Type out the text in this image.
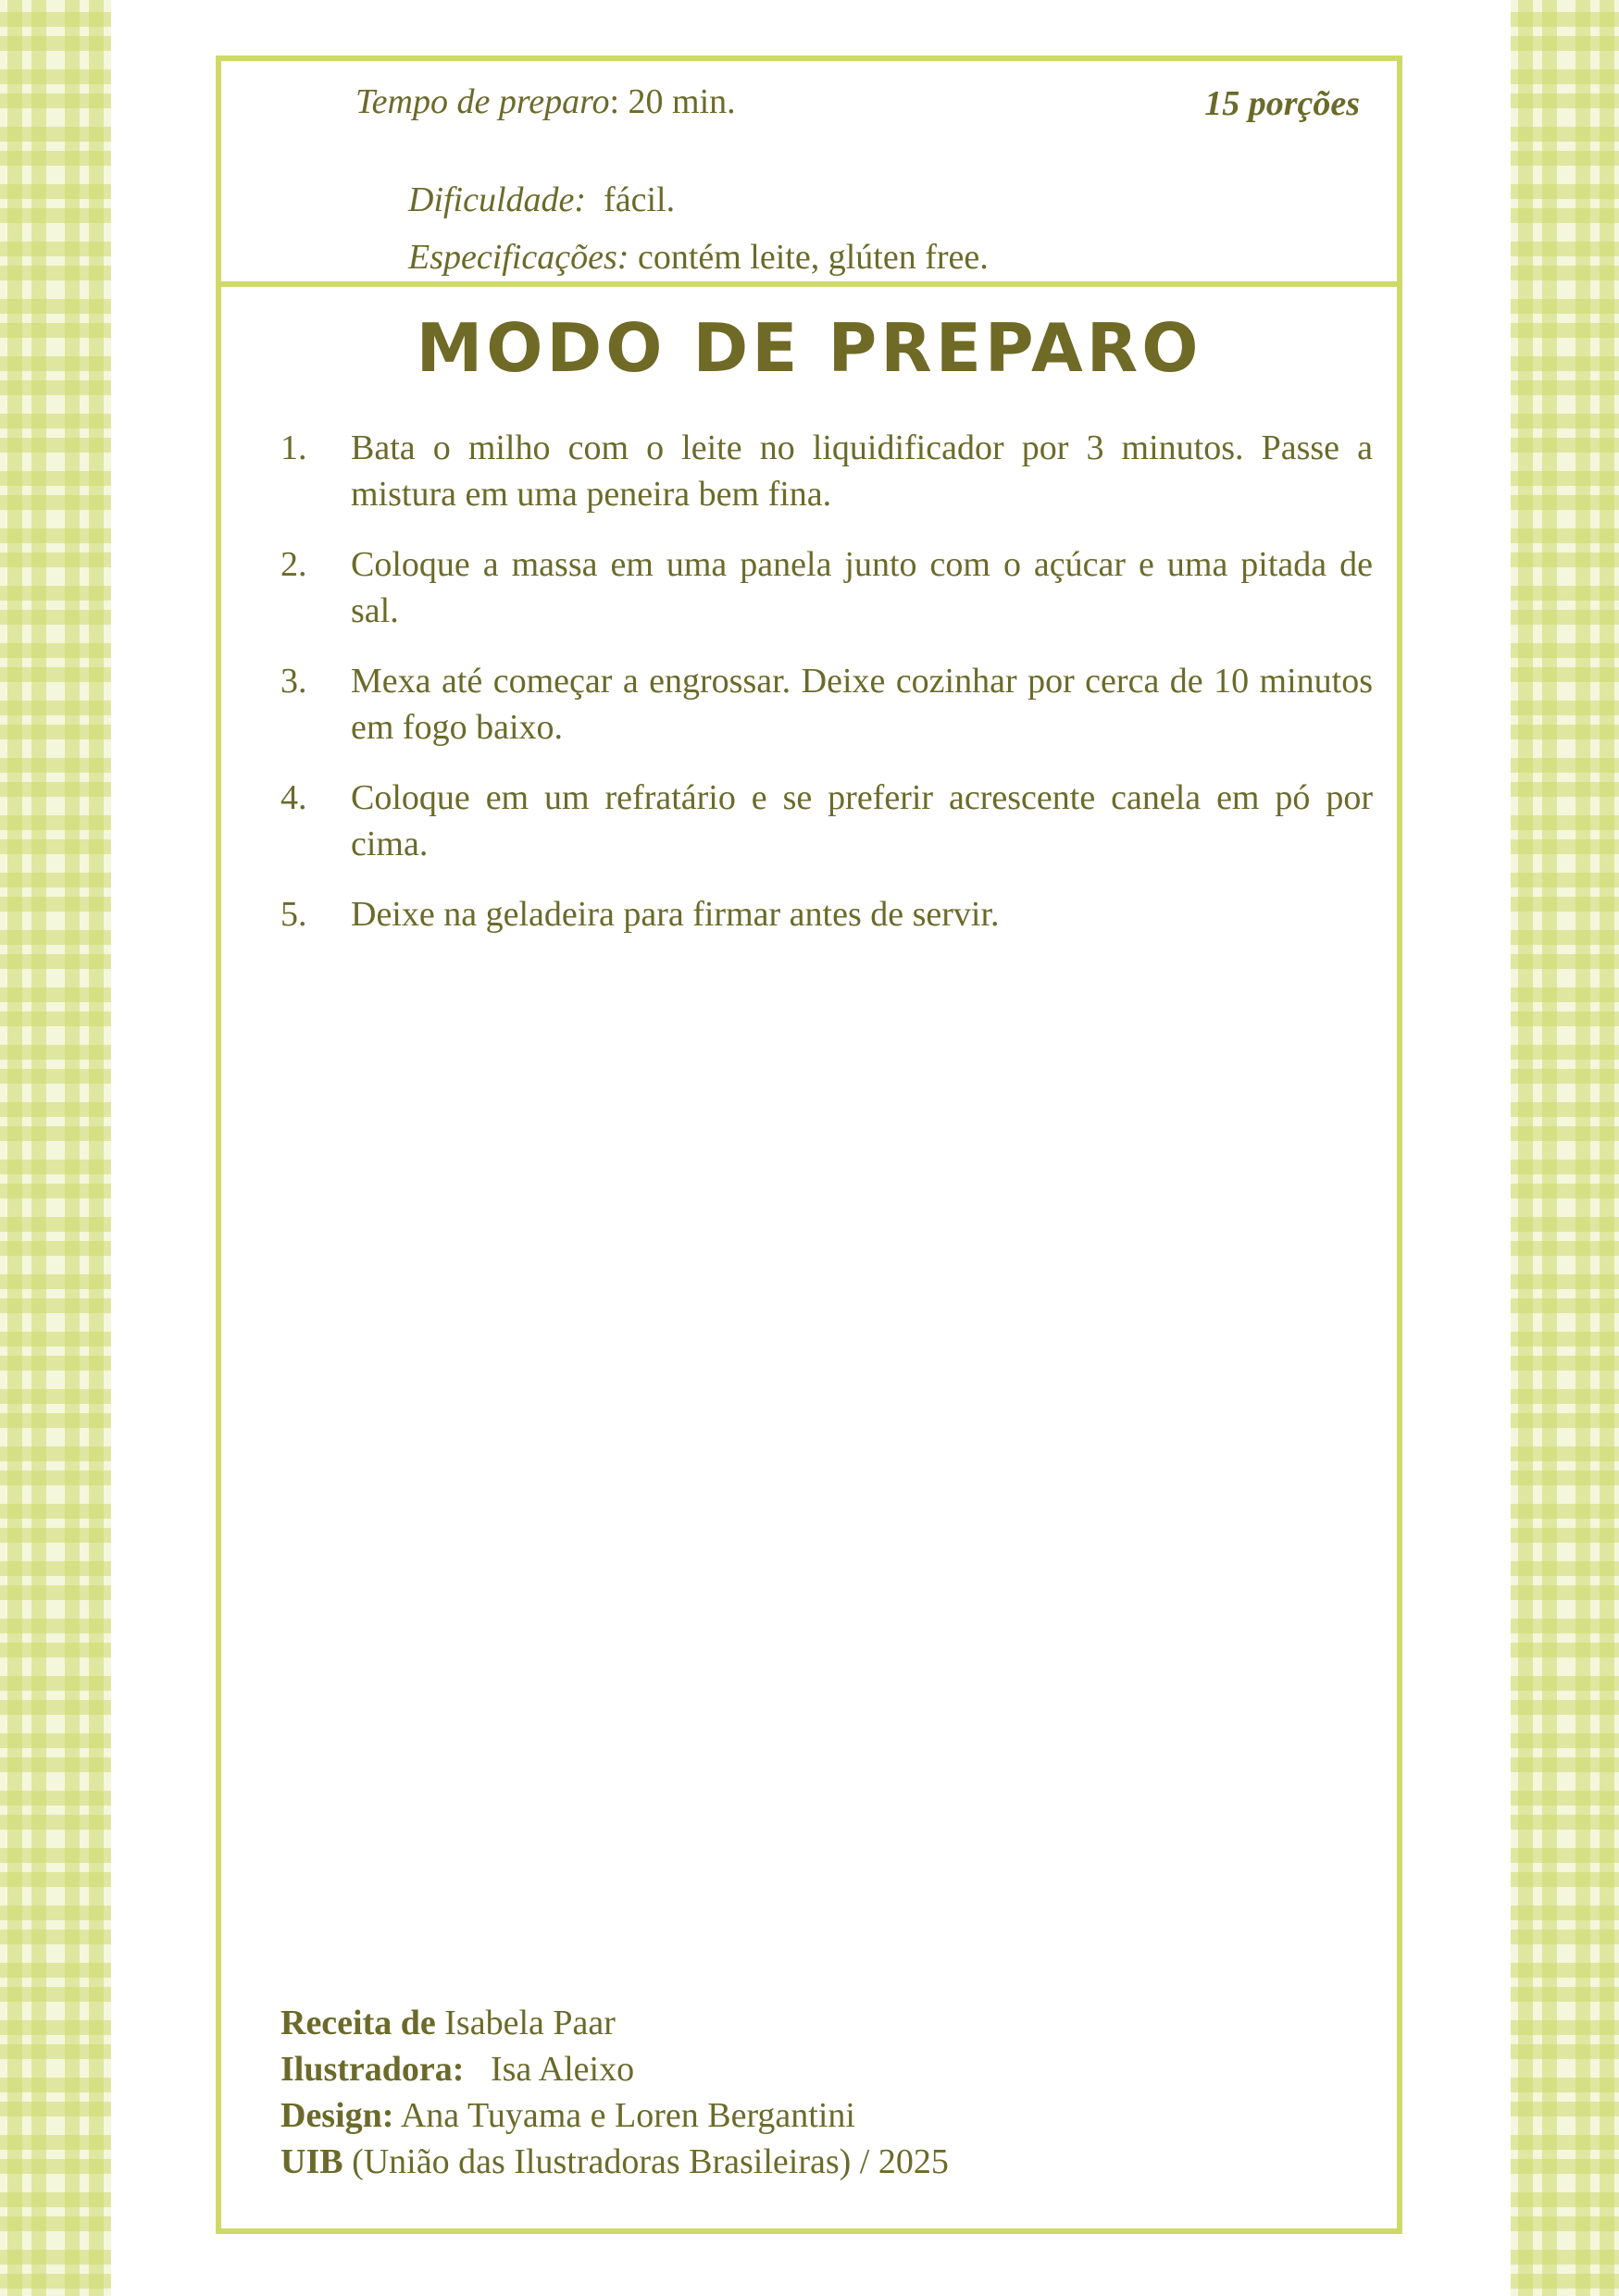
Tempo de preparo: 20 min.

Dificuldade:  fácil.

Especificações: contém leite, glúten free.

15 porções
MODO DE PREPARO
1. Bata o milho com o leite no liquidificador por 3 minutos. Passe a mistura em uma peneira bem fina.
2. Coloque a massa em uma panela junto com o açúcar e uma pitada de sal.
3. Mexa até começar a engrossar. Deixe cozinhar por cerca de 10 minutos em fogo baixo.
4. Coloque em um refratário e se preferir acrescente canela em pó por cima.
5. Deixe na geladeira para firmar antes de servir.
Receita de Isabela Paar
Ilustradora:   Isa Aleixo
Design: Ana Tuyama e Loren Bergantini
UIB (União das Ilustradoras Brasileiras) / 2025
